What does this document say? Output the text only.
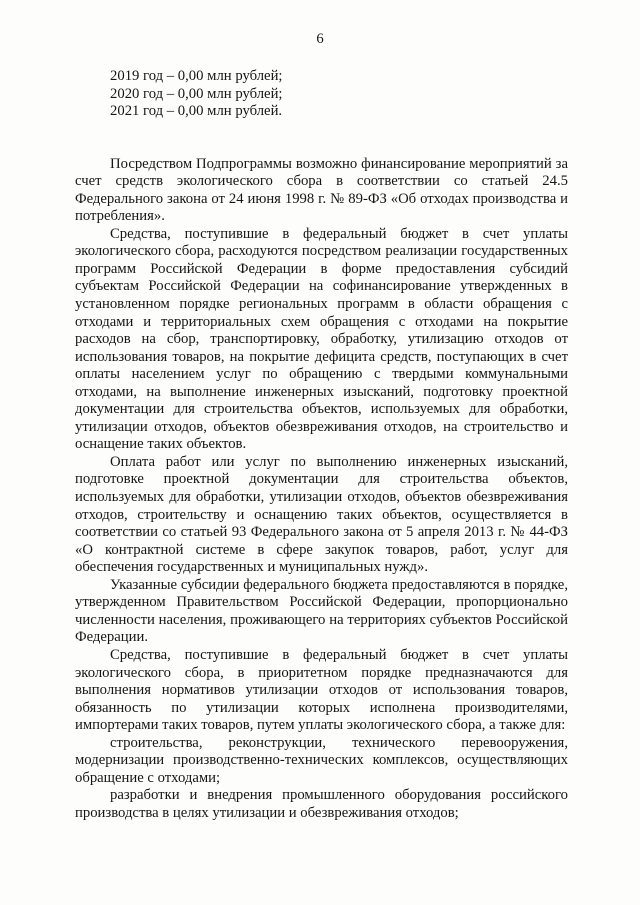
6
2019 год – 0,00 млн рублей;
2020 год – 0,00 млн рублей;
2021 год – 0,00 млн рублей.

Посредством Подпрограммы возможно финансирование мероприятий за счет средств экологического сбора в соответствии со статьей 24.5 Федерального закона от 24 июня 1998 г. № 89-ФЗ «Об отходах производства и потребления».

Средства, поступившие в федеральный бюджет в счет уплаты экологического сбора, расходуются посредством реализации государственных программ Российской Федерации в форме предоставления субсидий субъектам Российской Федерации на софинансирование утвержденных в установленном порядке региональных программ в области обращения с отходами и территориальных схем обращения с отходами на покрытие расходов на сбор, транспортировку, обработку, утилизацию отходов от использования товаров, на покрытие дефицита средств, поступающих в счет оплаты населением услуг по обращению с твердыми коммунальными отходами, на выполнение инженерных изысканий, подготовку проектной документации для строительства объектов, используемых для обработки, утилизации отходов, объектов обезвреживания отходов, на строительство и оснащение таких объектов.

Оплата работ или услуг по выполнению инженерных изысканий, подготовке проектной документации для строительства объектов, используемых для обработки, утилизации отходов, объектов обезвреживания отходов, строительству и оснащению таких объектов, осуществляется в соответствии со статьей 93 Федерального закона от 5 апреля 2013 г. № 44-ФЗ «О контрактной системе в сфере закупок товаров, работ, услуг для обеспечения государственных и муниципальных нужд».

Указанные субсидии федерального бюджета предоставляются в порядке, утвержденном Правительством Российской Федерации, пропорционально численности населения, проживающего на территориях субъектов Российской Федерации.

Средства, поступившие в федеральный бюджет в счет уплаты экологического сбора, в приоритетном порядке предназначаются для выполнения нормативов утилизации отходов от использования товаров, обязанность по утилизации которых исполнена производителями, импортерами таких товаров, путем уплаты экологического сбора, а также для:

строительства, реконструкции, технического перевооружения, модернизации производственно-технических комплексов, осуществляющих обращение с отходами;

разработки и внедрения промышленного оборудования российского производства в целях утилизации и обезвреживания отходов;
